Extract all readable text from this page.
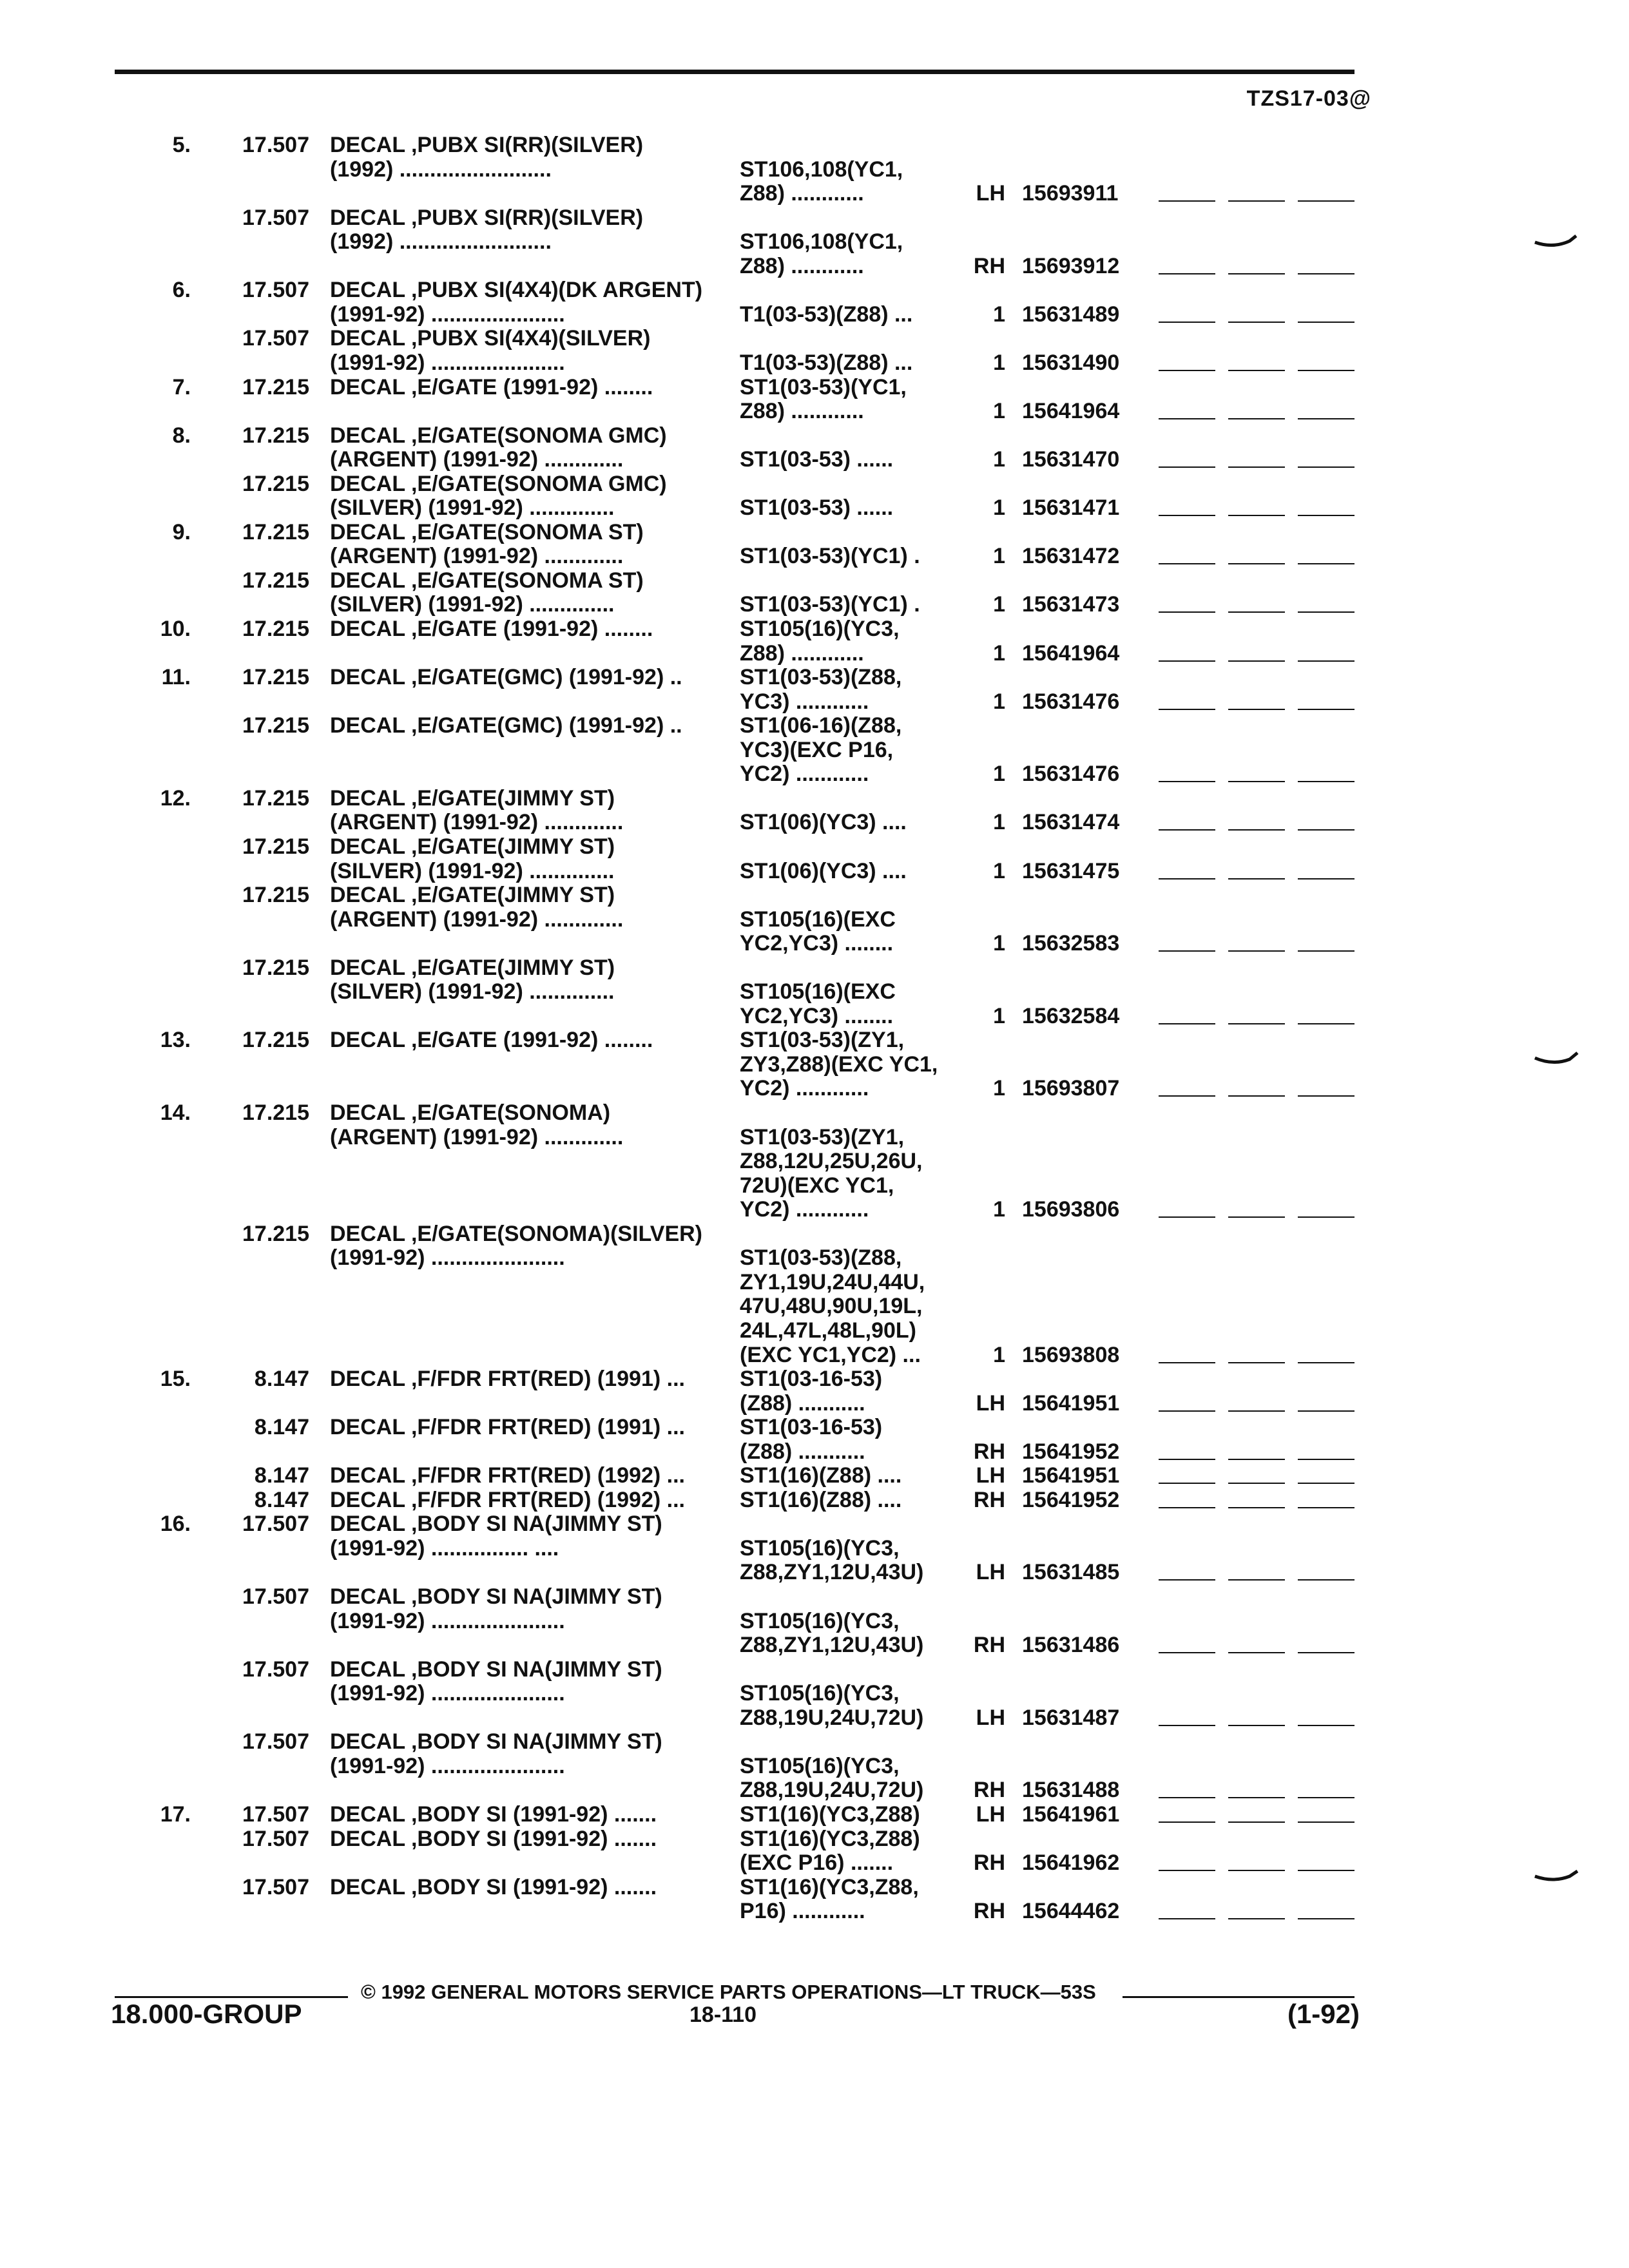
TZS17-03@
5.	17.507 DECAL ,PUBX SI(RR)(SILVER)
(1992) .........................	ST106,108(YC1,
Z88) ............	LH 15693911
17.507 DECAL ,PUBX SI(RR)(SILVER)
(1992) .........................	ST106,108(YC1,
Z88) ............	RH 15693912
6.	17.507 DECAL ,PUBX SI(4X4)(DK ARGENT)
(1991-92) ......................	T1(03-53)(Z88) ...	1 15631489
17.507 DECAL ,PUBX SI(4X4)(SILVER)
(1991-92) ......................	T1(03-53)(Z88) ...	1 15631490
7.	17.215 DECAL ,E/GATE (1991-92) ........	ST1(03-53)(YC1,
Z88) ............	1 15641964
8.	17.215 DECAL ,E/GATE(SONOMA GMC)
(ARGENT) (1991-92) .............	ST1(03-53) ......	1 15631470
17.215 DECAL ,E/GATE(SONOMA GMC)
(SILVER) (1991-92) ..............	ST1(03-53) ......	1 15631471
9.	17.215 DECAL ,E/GATE(SONOMA ST)
(ARGENT) (1991-92) .............	ST1(03-53)(YC1) .	1 15631472
17.215 DECAL ,E/GATE(SONOMA ST)
(SILVER) (1991-92) ..............	ST1(03-53)(YC1) .	1 15631473
10.	17.215 DECAL ,E/GATE (1991-92) ........	ST105(16)(YC3,
Z88) ............	1 15641964
11.	17.215 DECAL ,E/GATE(GMC) (1991-92) ..	ST1(03-53)(Z88,
YC3) ............	1 15631476
17.215 DECAL ,E/GATE(GMC) (1991-92) ..	ST1(06-16)(Z88,
YC3)(EXC P16,
YC2) ............	1 15631476
12.	17.215 DECAL ,E/GATE(JIMMY ST)
(ARGENT) (1991-92) .............	ST1(06)(YC3) ....	1 15631474
17.215 DECAL ,E/GATE(JIMMY ST)
(SILVER) (1991-92) ..............	ST1(06)(YC3) ....	1 15631475
17.215 DECAL ,E/GATE(JIMMY ST)
(ARGENT) (1991-92) .............	ST105(16)(EXC
YC2,YC3) ........	1 15632583
17.215 DECAL ,E/GATE(JIMMY ST)
(SILVER) (1991-92) ..............	ST105(16)(EXC
YC2,YC3) ........	1 15632584
13.	17.215 DECAL ,E/GATE (1991-92) ........	ST1(03-53)(ZY1,
ZY3,Z88)(EXC YC1,
YC2) ............	1 15693807
14.	17.215 DECAL ,E/GATE(SONOMA)
(ARGENT) (1991-92) .............	ST1(03-53)(ZY1,
Z88,12U,25U,26U,
72U)(EXC YC1,
YC2) ............	1 15693806
17.215 DECAL ,E/GATE(SONOMA)(SILVER)
(1991-92) ......................	ST1(03-53)(Z88,
ZY1,19U,24U,44U,
47U,48U,90U,19L,
24L,47L,48L,90L)
(EXC YC1,YC2) ...	1 15693808
15.	8.147 DECAL ,F/FDR FRT(RED) (1991) ...	ST1(03-16-53)
(Z88) ...........	LH 15641951
8.147 DECAL ,F/FDR FRT(RED) (1991) ...	ST1(03-16-53)
(Z88) ...........	RH 15641952
8.147 DECAL ,F/FDR FRT(RED) (1992) ...	ST1(16)(Z88) ....	LH 15641951
8.147 DECAL ,F/FDR FRT(RED) (1992) ...	ST1(16)(Z88) ....	RH 15641952
16.	17.507 DECAL ,BODY SI NA(JIMMY ST)
(1991-92) ................ ....	ST105(16)(YC3,
Z88,ZY1,12U,43U)	LH 15631485
17.507 DECAL ,BODY SI NA(JIMMY ST)
(1991-92) ......................	ST105(16)(YC3,
Z88,ZY1,12U,43U)	RH 15631486
17.507 DECAL ,BODY SI NA(JIMMY ST)
(1991-92) ......................	ST105(16)(YC3,
Z88,19U,24U,72U)	LH 15631487
17.507 DECAL ,BODY SI NA(JIMMY ST)
(1991-92) ......................	ST105(16)(YC3,
Z88,19U,24U,72U)	RH 15631488
17.	17.507 DECAL ,BODY SI (1991-92) .......	ST1(16)(YC3,Z88)	LH 15641961
17.507 DECAL ,BODY SI (1991-92) .......	ST1(16)(YC3,Z88)
(EXC P16) .......	RH 15641962
17.507 DECAL ,BODY SI (1991-92) .......	ST1(16)(YC3,Z88,
P16) ............	RH 15644462
© 1992 GENERAL MOTORS SERVICE PARTS OPERATIONS—LT TRUCK—53S
18.000-GROUP	18-110	(1-92)
